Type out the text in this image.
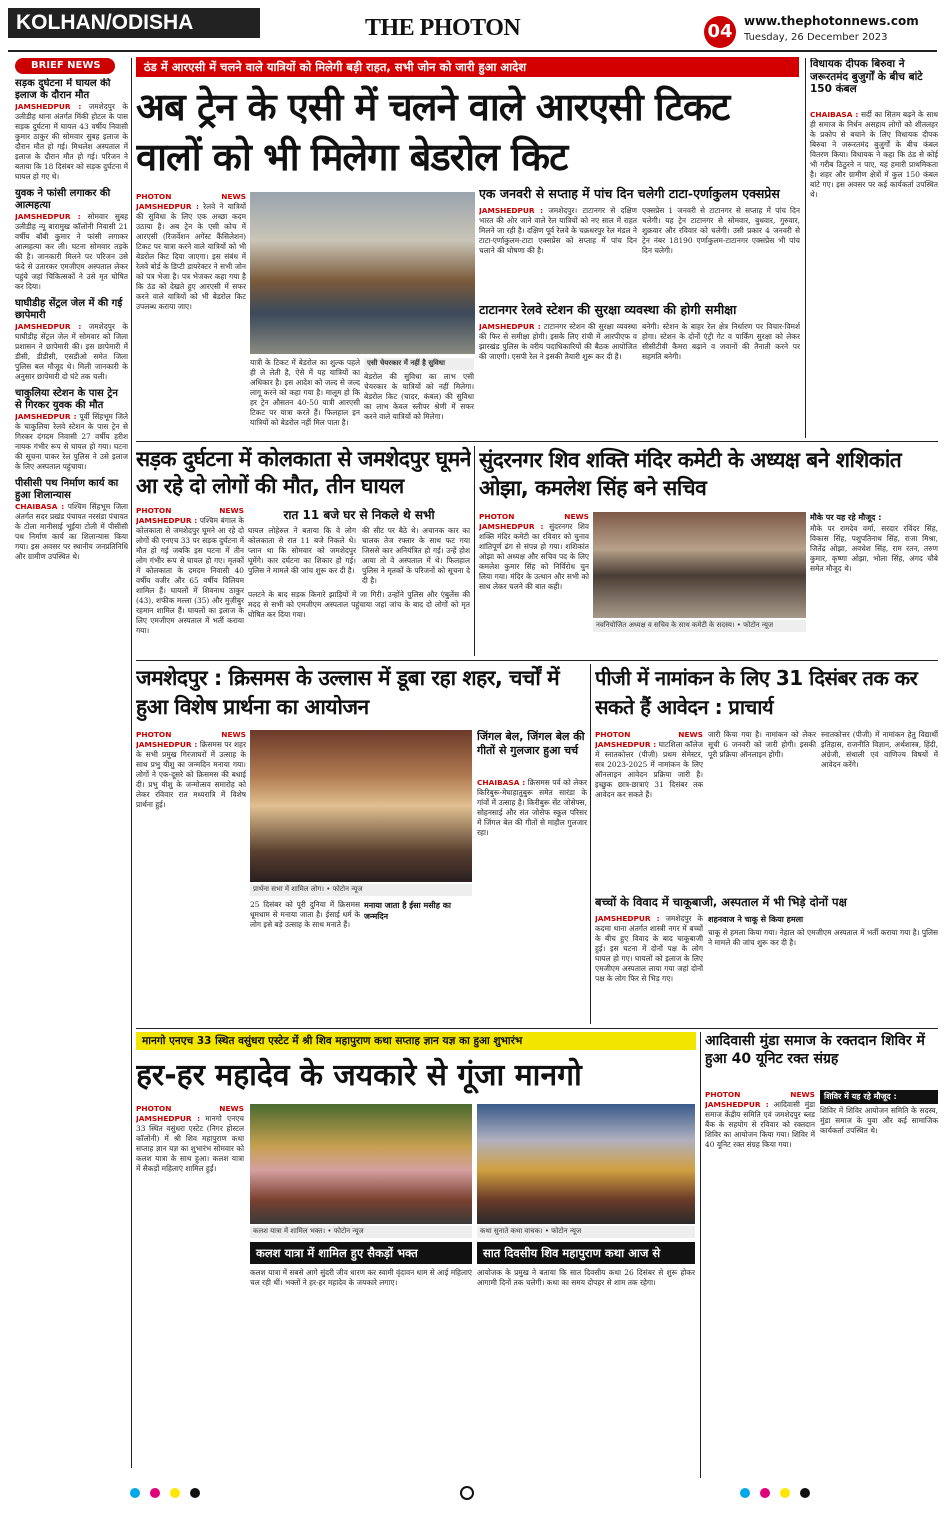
KOLHAN/ODISHA	THE PHOTON	04 www.thephotonnews.com
Tuesday, 26 December 2023
BRIEF NEWS
सड़क दुर्घटना में घायल की इलाज के दौरान मौत
JAMSHEDPUR : जमशेदपुर के उलीडीह थाना अंतर्गत मिंकी होटल के पास सड़क दुर्घटना में घायल 43 वर्षीय निवासी कुमार ठाकुर की सोमवार सुबह इलाज के दौरान मौत हो गई। मिथलेश अस्पताल में इलाज के दौरान मौत हो गई। परिजन ने बताया कि 18 दिसंबर को सड़क दुर्घटना में घायल हो गए थे।
युवक ने फांसी लगाकर की आत्महत्या
JAMSHEDPUR : सोमवार सुबह उलीडीह न्यू बारामुख कॉलोनी निवासी 21 वर्षीय बॉबी कुमार ने फांसी लगाकर आत्महत्या कर ली। घटना सोमवार तड़के की है। जानकारी मिलने पर परिजन उसे फंदे से उतारकर एमजीएम अस्पताल लेकर पहुंचे जहां चिकित्सकों ने उसे मृत घोषित कर दिया।
घाघीडीह सेंट्रल जेल में की गई छापेमारी
JAMSHEDPUR : जमशेदपुर के घाघीडीह सेंट्रल जेल में सोमवार को जिला प्रशासन ने छापेमारी की। इस छापेमारी में डीसी, डीडीसी, एसडीओ समेत जिला पुलिस बल मौजूद थे। मिली जानकारी के अनुसार छापेमारी दो घंटे तक चली।
चाकुलिया स्टेशन के पास ट्रेन से गिरकर युवक की मौत
JAMSHEDPUR : पूर्वी सिंहभूम जिले के चाकुलिया रेलवे स्टेशन के पास ट्रेन से गिरकर दंगदम निवासी 27 वर्षीय हरीश नायक गंभीर रूप से घायल हो गया। घटना की सूचना पाकर रेल पुलिस ने उसे इलाज के लिए अस्पताल पहुंचाया।
पीसीसी पथ निर्माण कार्य का हुआ शिलान्यास
CHAIBASA : पश्चिम सिंहभूम जिला अंतर्गत सदर प्रखंड पंचायत नरसंडा पंचायत के टोला मानीसाई भूईया टोली में पीसीसी पथ निर्माण कार्य का शिलान्यास किया गया। इस अवसर पर स्थानीय जनप्रतिनिधि और ग्रामीण उपस्थित थे।
ठंड में आरएसी में चलने वाले यात्रियों को मिलेगी बड़ी राहत, सभी जोन को जारी हुआ आदेश
अब ट्रेन के एसी में चलने वाले आरएसी टिकट वालों को भी मिलेगा बेडरोल किट
PHOTON NEWS JAMSHEDPUR : रेलवे ने यात्रियों की सुविधा के लिए एक अच्छा कदम उठाया है। अब ट्रेन के एसी कोच में आरएसी (रिजर्वेशन अगेंस्ट कैंसिलेशन) टिकट पर यात्रा करने वाले यात्रियों को भी बेडरोल किट दिया जाएगा। इस संबंध में रेलवे बोर्ड के डिप्टी डायरेक्टर ने सभी जोन को पत्र भेजा है। पत्र भेजकर कहा गया है कि ठंड को देखते हुए आरएसी में सफर करने वाले यात्रियों को भी बेडरोल किट उपलब्ध कराया जाए।
यात्री के टिकट में बेडरोल का शुल्क पहले ही ले लेती है, ऐसे में यह यात्रियों का अधिकार है। इस आदेश को जल्द से जल्द लागू करने को कहा गया है। मालूम हो कि हर ट्रेन औसतन 40-50 यात्री आरएसी टिकट पर यात्रा करते हैं। फिलहाल इन यात्रियों को बेडरोल नहीं मिल पाता है।
एसी चेयरकार में नहीं है सुविधा
बेडरोल की सुविधा का लाभ एसी चेयरकार के यात्रियों को नहीं मिलेगा। बेडरोल किट (चादर, कंबल) की सुविधा का लाभ केवल स्लीपर श्रेणी में सफर करने वाले यात्रियों को मिलेगा।
एक जनवरी से सप्ताह में पांच दिन चलेगी टाटा-एर्णाकुलम एक्सप्रेस
JAMSHEDPUR : जमशेदपुर। टाटानगर से दक्षिण भारत की ओर जाने वाले रेल यात्रियों को नए साल में राहत मिलने जा रही है। दक्षिण पूर्व रेलवे के चक्रधरपुर रेल मंडल ने टाटा-एर्णाकुलम-टाटा एक्सप्रेस को सप्ताह में पांच दिन चलाने की घोषणा की है।
एक्सप्रेस 1 जनवरी से टाटानगर से सप्ताह में पांच दिन चलेगी। यह ट्रेन टाटानगर से सोमवार, बुधवार, गुरुवार, शुक्रवार और रविवार को चलेगी। उसी प्रकार 4 जनवरी से ट्रेन नंबर 18190 एर्णाकुलम-टाटानगर एक्सप्रेस भी पांच दिन चलेगी।
टाटानगर रेलवे स्टेशन की सुरक्षा व्यवस्था की होगी समीक्षा
JAMSHEDPUR : टाटानगर स्टेशन की सुरक्षा व्यवस्था की फिर से समीक्षा होगी। इसके लिए रांची में आरपीएफ व झारखंड पुलिस के वरीय पदाधिकारियों की बैठक आयोजित की जाएगी। एसपी रेल ने इसकी तैयारी शुरू कर दी है।
बनेगी। स्टेशन के बाहर रेल क्षेत्र निर्धारण पर विचार-विमर्श होगा। स्टेशन के दोनों एंट्री गेट व पार्किंग सुरक्षा को लेकर सीसीटीवी कैमरा बढ़ाने व जवानों की तैनाती करने पर सहमति बनेगी।
विधायक दीपक बिरुवा ने जरूरतमंद बुजुर्गों के बीच बांटे 150 कंबल
CHAIBASA : सर्दी का सितम बढ़ने के साथ ही समाज के निर्धन असहाय लोगों को शीतलहर के प्रकोप से बचाने के लिए विधायक दीपक बिरुवा ने जरूरतमंद बुजुर्गों के बीच कंबल वितरण किया। विधायक ने कहा कि ठंड से कोई भी गरीब ठिठुरने न पाए, यह हमारी प्राथमिकता है। शहर और ग्रामीण क्षेत्रों में कुल 150 कंबल बांटे गए। इस अवसर पर कई कार्यकर्ता उपस्थित थे।
सड़क दुर्घटना में कोलकाता से जमशेदपुर घूमने आ रहे दो लोगों की मौत, तीन घायल
PHOTON NEWS JAMSHEDPUR : पश्चिम बंगाल के कोलकाता से जमशेदपुर घूमने आ रहे दो लोगों की एनएच 33 पर सड़क दुर्घटना में मौत हो गई जबकि इस घटना में तीन लोग गंभीर रूप से घायल हो गए। मृतकों में कोलकाता के दमदम निवासी 40 वर्षीय वजीर और 65 वर्षीय विलियम शामिल हैं। घायलों में शिवनाथ ठाकुर (43), शफीक मल्ला (35) और मुज़ीबुर रहमान शामिल हैं। घायलों का इलाज के लिए एमजीएम अस्पताल में भर्ती कराया गया।
रात 11 बजे घर से निकले थे सभी
घायल लोहेरुल ने बताया कि वे लोग कोलकाता से रात 11 बजे निकले थे। प्लान था कि सोमवार को जमशेदपुर घूमेंगे। कार दर्घटना का शिकार हो गई। पुलिस ने मामले की जांच शुरू कर दी है।
की सीट पर बैठे थे। अचानक कार का चालक तेज रफ्तार के साथ फट गया जिससे कार अनियंत्रित हो गई। उन्हें होश आया तो वे अस्पताल में थे। फिलहाल पुलिस ने मृतकों के परिजनों को सूचना दे दी है।
पलटने के बाद सड़क किनारे झाड़ियों में जा गिरी। उन्होंने पुलिस और एंबुलेंस की मदद से सभी को एमजीएम अस्पताल पहुंचाया जहां जांच के बाद दो लोगों को मृत घोषित कर दिया गया।
सुंदरनगर शिव शक्ति मंदिर कमेटी के अध्यक्ष बने शशिकांत ओझा, कमलेश सिंह बने सचिव
PHOTON NEWS JAMSHEDPUR : सुंदरनगर शिव शक्ति मंदिर कमेटी का रविवार को चुनाव शांतिपूर्ण ढंग से संपन्न हो गया। शशिकांत ओझा को अध्यक्ष और सचिव पद के लिए कमलेश कुमार सिंह को निर्विरोध चुन लिया गया। मंदिर के उत्थान और सभी को साथ लेकर चलने की बात कही।
नवनियोजित अध्यक्ष व सचिव के साथ कमेटी के सदस्य। • फोटोन न्यूज
मौके पर यह रहे मौजूद :
मौके पर रामदेव वर्मा, सरदार रविंदर सिंह, विकास सिंह, पशुपतिनाथ सिंह, राजा मिश्रा, जितेंद्र ओझा, अवधेश सिंह, राम रतन, तरुण कुमार, कृष्णा ओझा, भोला सिंह, अंगद चौबे समेत मौजूद थे।
जमशेदपुर : क्रिसमस के उल्लास में डूबा रहा शहर, चर्चों में हुआ विशेष प्रार्थना का आयोजन
PHOTON NEWS JAMSHEDPUR : क्रिसमस पर शहर के सभी प्रमुख गिरजाघरों में उत्साह के साथ प्रभु यीशु का जन्मदिन मनाया गया। लोगों ने एक-दूसरे को क्रिसमस की बधाई दी। प्रभु यीशु के जन्मोत्सव समारोह को लेकर रविवार रात मध्यरात्रि में विशेष प्रार्थना हुई।
प्रार्थना सभा में शामिल लोग। • फोटोन न्यूज
जिंगल बेल, जिंगल बेल की गीतों से गुलजार हुआ चर्च
CHAIBASA : क्रिसमस पर्व को लेकर किरिबुरू-मेघाहातुबुरू समेत सारंडा के गांवों में उत्साह है। किरीबुरू सेंट जोसेफ्स, सोहनसाई और संत जोसेफ स्कूल परिसर में जिंगल बेल की गीतों से माहौल गुलजार रहा।
मनाया जाता है ईसा मसीह का जन्मदिन
25 दिसंबर को पूरी दुनिया में क्रिसमस धूमधाम से मनाया जाता है। ईसाई धर्म के लोग इसे बड़े उत्साह के साथ मनाते हैं।
पीजी में नामांकन के लिए 31 दिसंबर तक कर सकते हैं आवेदन : प्राचार्य
PHOTON NEWS JAMSHEDPUR : घाटशिला कॉलेज में स्नातकोत्तर (पीजी) प्रथम सेमेस्टर, सत्र 2023-2025 में नामांकन के लिए ऑनलाइन आवेदन प्रक्रिया जारी है। इच्छुक छात्र-छात्राएं 31 दिसंबर तक आवेदन कर सकते हैं।
जारी किया गया है। नामांकन को लेकर सूची 6 जनवरी को जारी होगी। इसकी पूरी प्रक्रिया ऑनलाइन होगी।
स्नातकोत्तर (पीजी) में नामांकन हेतु विद्यार्थी इतिहास, राजनीति विज्ञान, अर्थशास्त्र, हिंदी, अंग्रेजी, संथाली एवं वाणिज्य विषयों में आवेदन करेंगे।
बच्चों के विवाद में चाकूबाजी, अस्पताल में भी भिड़े दोनों पक्ष
JAMSHEDPUR : जमशेदपुर के कदमा थाना अंतर्गत शास्त्री नगर में बच्चों के बीच हुए विवाद के बाद चाकूबाजी हुई। इस घटना में दोनों पक्ष के लोग घायल हो गए। घायलों को इलाज के लिए एमजीएम अस्पताल लाया गया जहां दोनों पक्ष के लोग फिर से भिड़ गए।
शहनवाज ने चाकू से किया हमला
चाकू से हमला किया गया। नेहाल को एमजीएम अस्पताल में भर्ती कराया गया है। पुलिस ने मामले की जांच शुरू कर दी है।
मानगो एनएच 33 स्थित वसुंधरा एस्टेट में श्री शिव महापुराण कथा सप्ताह ज्ञान यज्ञ का हुआ शुभारंभ
हर-हर महादेव के जयकारे से गूंजा मानगो
PHOTON NEWS JAMSHEDPUR : मानगो एनएच 33 स्थित वसुंधरा एस्टेट (निगर होस्टल कॉलोनी) में श्री शिव महापुराण कथा सप्ताह ज्ञान यज्ञ का शुभारंभ सोमवार को कलश यात्रा के साथ हुआ। कलश यात्रा में सैकड़ों महिलाएं शामिल हुईं।
कलश यात्रा में शामिल भक्त। • फोटोन न्यूज	कथा सुनाते कथा वाचक। • फोटोन न्यूज
कलश यात्रा में शामिल हुए सैकड़ों भक्त	सात दिवसीय शिव महापुराण कथा आज से
कलश यात्रा में सबसे आगे सुंदरी जीव धारण कर स्वामी वृंदावन धाम से आई महिलाएं चल रही थीं। भक्तों ने हर-हर महादेव के जयकारे लगाए।
आयोजक के प्रमुख ने बताया कि सात दिवसीय कथा 26 दिसंबर से शुरू होकर आगामी दिनों तक चलेगी। कथा का समय दोपहर से शाम तक रहेगा।
आदिवासी मुंडा समाज के रक्तदान शिविर में हुआ 40 यूनिट रक्त संग्रह
PHOTON NEWS JAMSHEDPUR : आदिवासी मुंडा समाज केंद्रीय समिति एवं जमशेदपुर ब्लड बैंक के सहयोग से रविवार को रक्तदान शिविर का आयोजन किया गया। शिविर में 40 यूनिट रक्त संग्रह किया गया।
शिविर में यह रहे मौजूद :
शिविर में शिविर आयोजन समिति के सदस्य, मुंडा समाज के युवा और कई सामाजिक कार्यकर्ता उपस्थित थे।
